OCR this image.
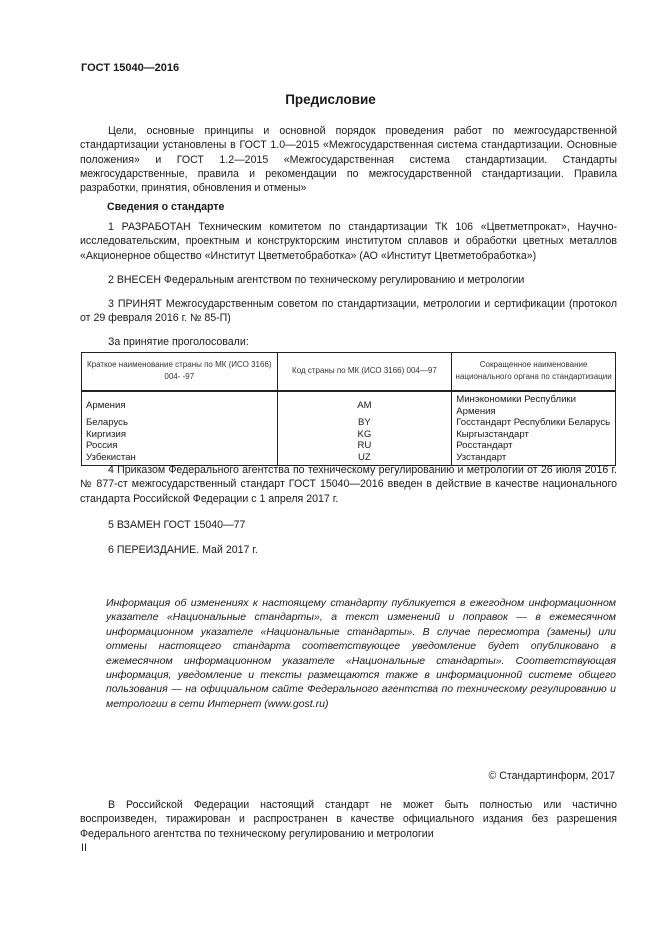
ГОСТ 15040—2016
Предисловие
Цели, основные принципы и основной порядок проведения работ по межгосударственной стандартизации установлены в ГОСТ 1.0—2015 «Межгосударственная система стандартизации. Основные положения» и ГОСТ 1.2—2015 «Межгосударственная система стандартизации. Стандарты межгосударственные, правила и рекомендации по межгосударственной стандартизации. Правила разработки, принятия, обновления и отмены»
Сведения о стандарте
1 РАЗРАБОТАН Техническим комитетом по стандартизации ТК 106 «Цветметпрокат», Научно-исследовательским, проектным и конструкторским институтом сплавов и обработки цветных металлов «Акционерное общество «Институт Цветметобработка» (АО «Институт Цветметобработка»)
2 ВНЕСЕН Федеральным агентством по техническому регулированию и метрологии
3 ПРИНЯТ Межгосударственным советом по стандартизации, метрологии и сертификации (протокол от 29 февраля 2016 г. № 85-П)
За принятие проголосовали:
Краткое наименование страны по МК (ИСО 3166) 004- -97	Код страны по МК (ИСО 3166) 004—97	Сокращенное наименование национального органа по стандартизации
Армения	AM	Минэкономики Республики Армения
Беларусь	BY	Госстандарт Республики Беларусь
Киргизия	KG	Кыргызстандарт
Россия	RU	Росстандарт
Узбекистан	UZ	Узстандарт
4 Приказом Федерального агентства по техническому регулированию и метрологии от 26 июля 2016 г. № 877-ст межгосударственный стандарт ГОСТ 15040—2016 введен в действие в качестве национального стандарта Российской Федерации с 1 апреля 2017 г.
5 ВЗАМЕН ГОСТ 15040—77
6 ПЕРЕИЗДАНИЕ. Май 2017 г.
Информация об изменениях к настоящему стандарту публикуется в ежегодном информационном указателе «Национальные стандарты», а текст изменений и поправок — в ежемесячном информационном указателе «Национальные стандарты». В случае пересмотра (замены) или отмены настоящего стандарта соответствующее уведомление будет опубликовано в ежемесячном информационном указателе «Национальные стандарты». Соответствующая информация, уведомление и тексты размещаются также в информационной системе общего пользования — на официальном сайте Федерального агентства по техническому регулированию и метрологии в сети Интернет (www.gost.ru)
© Стандартинформ, 2017
В Российской Федерации настоящий стандарт не может быть полностью или частично воспроизведен, тиражирован и распространен в качестве официального издания без разрешения Федерального агентства по техническому регулированию и метрологии
II
